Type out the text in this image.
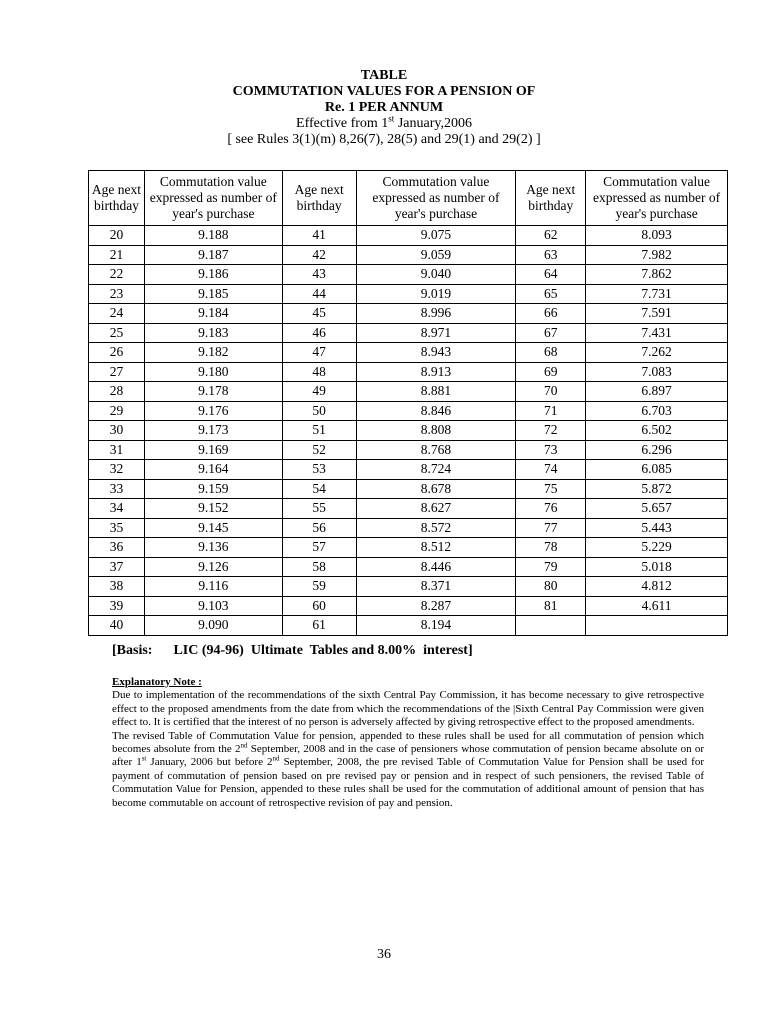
TABLE
COMMUTATION VALUES FOR A PENSION OF
Re. 1 PER ANNUM
Effective from 1st January,2006
[ see Rules 3(1)(m) 8,26(7), 28(5) and 29(1) and 29(2) ]
Age next birthday	Commutation value expressed as number of year's purchase	Age next birthday	Commutation value expressed as number of year's purchase	Age next birthday	Commutation value expressed as number of year's purchase
20	9.188	41	9.075	62	8.093
21	9.187	42	9.059	63	7.982
22	9.186	43	9.040	64	7.862
23	9.185	44	9.019	65	7.731
24	9.184	45	8.996	66	7.591
25	9.183	46	8.971	67	7.431
26	9.182	47	8.943	68	7.262
27	9.180	48	8.913	69	7.083
28	9.178	49	8.881	70	6.897
29	9.176	50	8.846	71	6.703
30	9.173	51	8.808	72	6.502
31	9.169	52	8.768	73	6.296
32	9.164	53	8.724	74	6.085
33	9.159	54	8.678	75	5.872
34	9.152	55	8.627	76	5.657
35	9.145	56	8.572	77	5.443
36	9.136	57	8.512	78	5.229
37	9.126	58	8.446	79	5.018
38	9.116	59	8.371	80	4.812
39	9.103	60	8.287	81	4.611
40	9.090	61	8.194		
[Basis:      LIC (94-96)  Ultimate  Tables and 8.00%  interest]
Explanatory Note :

Due to implementation of the recommendations of the sixth Central Pay Commission, it has become necessary to give retrospective effect to the proposed amendments from the date from which the recommendations of the |Sixth Central Pay Commission were given effect to. It is certified that the interest of no person is adversely affected by giving retrospective effect to the proposed amendments.

The revised Table of Commutation Value for pension, appended to these rules shall be used for all commutation of pension which becomes absolute from the 2nd September, 2008 and in the case of pensioners whose commutation of pension became absolute on or after 1st January, 2006 but before 2nd September, 2008, the pre revised Table of Commutation Value for Pension shall be used for payment of commutation of pension based on pre revised pay or pension and in respect of such pensioners, the revised Table of Commutation Value for Pension, appended to these rules shall be used for the commutation of additional amount of pension that has become commutable on account of retrospective revision of pay and pension.

36
